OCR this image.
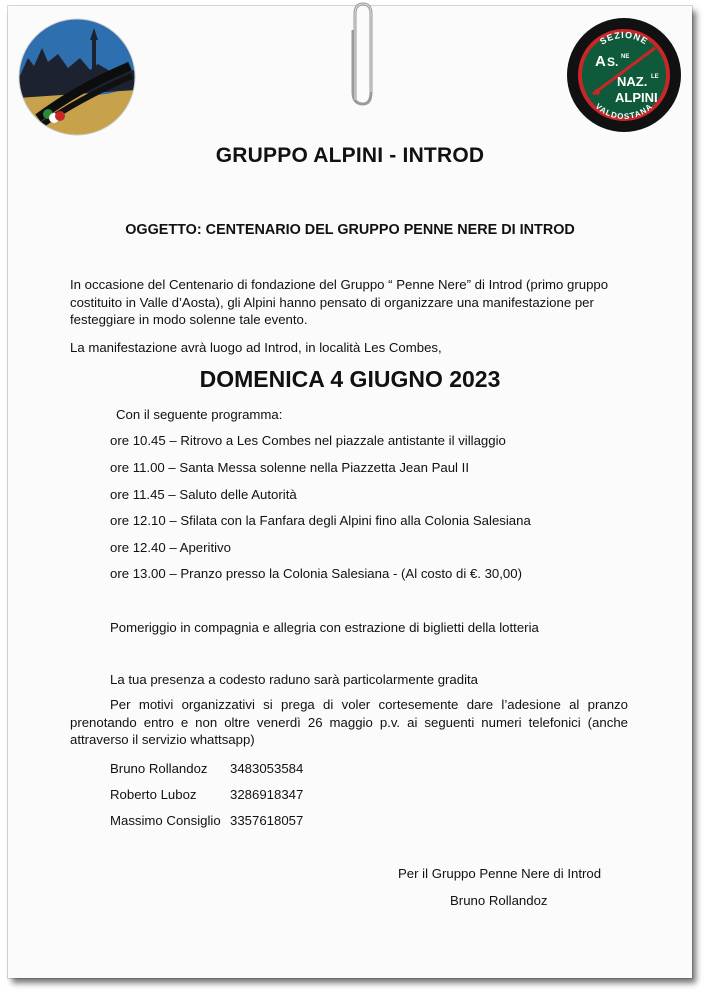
SEZIONE
VALDOSTANA
A S. NE
NAZ. LE
ALPINI
GRUPPO ALPINI - INTROD
OGGETTO: CENTENARIO DEL GRUPPO PENNE NERE DI INTROD
In occasione del Centenario di fondazione del Gruppo “ Penne Nere” di Introd (primo gruppo
costituito in Valle d’Aosta), gli Alpini hanno pensato di organizzare una manifestazione per
festeggiare in modo solenne tale evento.
La manifestazione avrà luogo ad Introd, in località Les Combes,
DOMENICA 4 GIUGNO 2023
Con il seguente programma:
ore 10.45 – Ritrovo a Les Combes nel piazzale antistante il villaggio
ore 11.00 – Santa Messa solenne nella Piazzetta Jean Paul II
ore 11.45 – Saluto delle Autorità
ore 12.10 – Sfilata con la Fanfara degli Alpini fino alla Colonia Salesiana
ore 12.40 – Aperitivo
ore 13.00 – Pranzo presso la Colonia Salesiana - (Al costo di €. 30,00)
Pomeriggio in compagnia e allegria con estrazione di biglietti della lotteria
La tua presenza a codesto raduno sarà particolarmente gradita
Per motivi organizzativi si prega di voler cortesemente dare l’adesione al pranzo
prenotando entro e non oltre venerdì 26 maggio p.v. ai seguenti numeri telefonici (anche
attraverso il servizio whattsapp)
Bruno Rollandoz 3483053584
Roberto Luboz	3286918347
Massimo Consiglio 3357618057
Per il Gruppo Penne Nere di Introd
Bruno Rollandoz
